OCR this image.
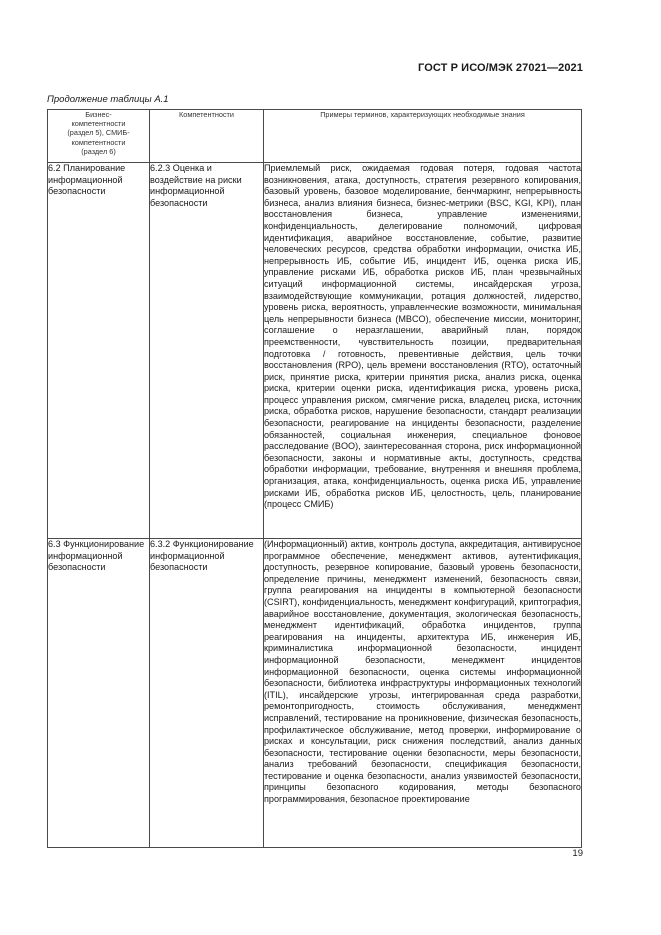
ГОСТ Р ИСО/МЭК 27021—2021
Продолжение таблицы А.1
Бизнес-компетентности (раздел 5), СМИБ-компетентности (раздел 6)	Компетентности	Примеры терминов, характеризующих необходимые знания
6.2 Планирование информационной безопасности	6.2.3 Оценка и воздействие на риски информационной безопасности	Приемлемый риск, ожидаемая годовая потеря, годовая частота возникновения, атака, доступность, стратегия резервного копирования, базовый уровень, базовое моделирование, бенчмаркинг, непрерывность бизнеса, анализ влияния бизнеса, бизнес-метрики (BSC, KGI, KPI), план восстановления бизнеса, управление изменениями, конфиденциальность, делегирование полномочий, цифровая идентификация, аварийное восстановление, событие, развитие человеческих ресурсов, средства обработки информации, очистка ИБ, непрерывность ИБ, событие ИБ, инцидент ИБ, оценка риска ИБ, управление рисками ИБ, обработка рисков ИБ, план чрезвычайных ситуаций информационной системы, инсайдерская угроза, взаимодействующие коммуникации, ротация должностей, лидерство, уровень риска, вероятность, управленческие возможности, минимальная цель непрерывности бизнеса (MBCO), обеспечение миссии, мониторинг, соглашение о неразглашении, аварийный план, порядок преемственности, чувствительность позиции, предварительная подготовка / готовность, превентивные действия, цель точки восстановления (RPO), цель времени восстановления (RTO), остаточный риск, принятие риска, критерии принятия риска, анализ риска, оценка риска, критерии оценки риска, идентификация риска, уровень риска, процесс управления риском, смягчение риска, владелец риска, источник риска, обработка рисков, нарушение безопасности, стандарт реализации безопасности, реагирование на инциденты безопасности, разделение обязанностей, социальная инженерия, специальное фоновое расследование (BOO), заинтересованная сторона, риск информационной безопасности, законы и нормативные акты, доступность, средства обработки информации, требование, внутренняя и внешняя проблема, организация, атака, конфиденциальность, оценка риска ИБ, управление рисками ИБ, обработка рисков ИБ, целостность, цель, планирование (процесс СМИБ)
6.3 Функционирование информационной безопасности	6.3.2 Функционирование информационной безопасности	(Информационный) актив, контроль доступа, аккредитация, антивирусное программное обеспечение, менеджмент активов, аутентификация, доступность, резервное копирование, базовый уровень безопасности, определение причины, менеджмент изменений, безопасность связи, группа реагирования на инциденты в компьютерной безопасности (CSIRT), конфиденциальность, менеджмент конфигураций, криптография, аварийное восстановление, документация, экологическая безопасность, менеджмент идентификаций, обработка инцидентов, группа реагирования на инциденты, архитектура ИБ, инженерия ИБ, криминалистика информационной безопасности, инцидент информационной безопасности, менеджмент инцидентов информационной безопасности, оценка системы информационной безопасности, библиотека инфраструктуры информационных технологий (ITIL), инсайдерские угрозы, интегрированная среда разработки, ремонтопригодность, стоимость обслуживания, менеджмент исправлений, тестирование на проникновение, физическая безопасность, профилактическое обслуживание, метод проверки, информирование о рисках и консультации, риск снижения последствий, анализ данных безопасности, тестирование оценки безопасности, меры безопасности, анализ требований безопасности, спецификация безопасности, тестирование и оценка безопасности, анализ уязвимостей безопасности, принципы безопасного кодирования, методы безопасного программирования, безопасное проектирование
19
